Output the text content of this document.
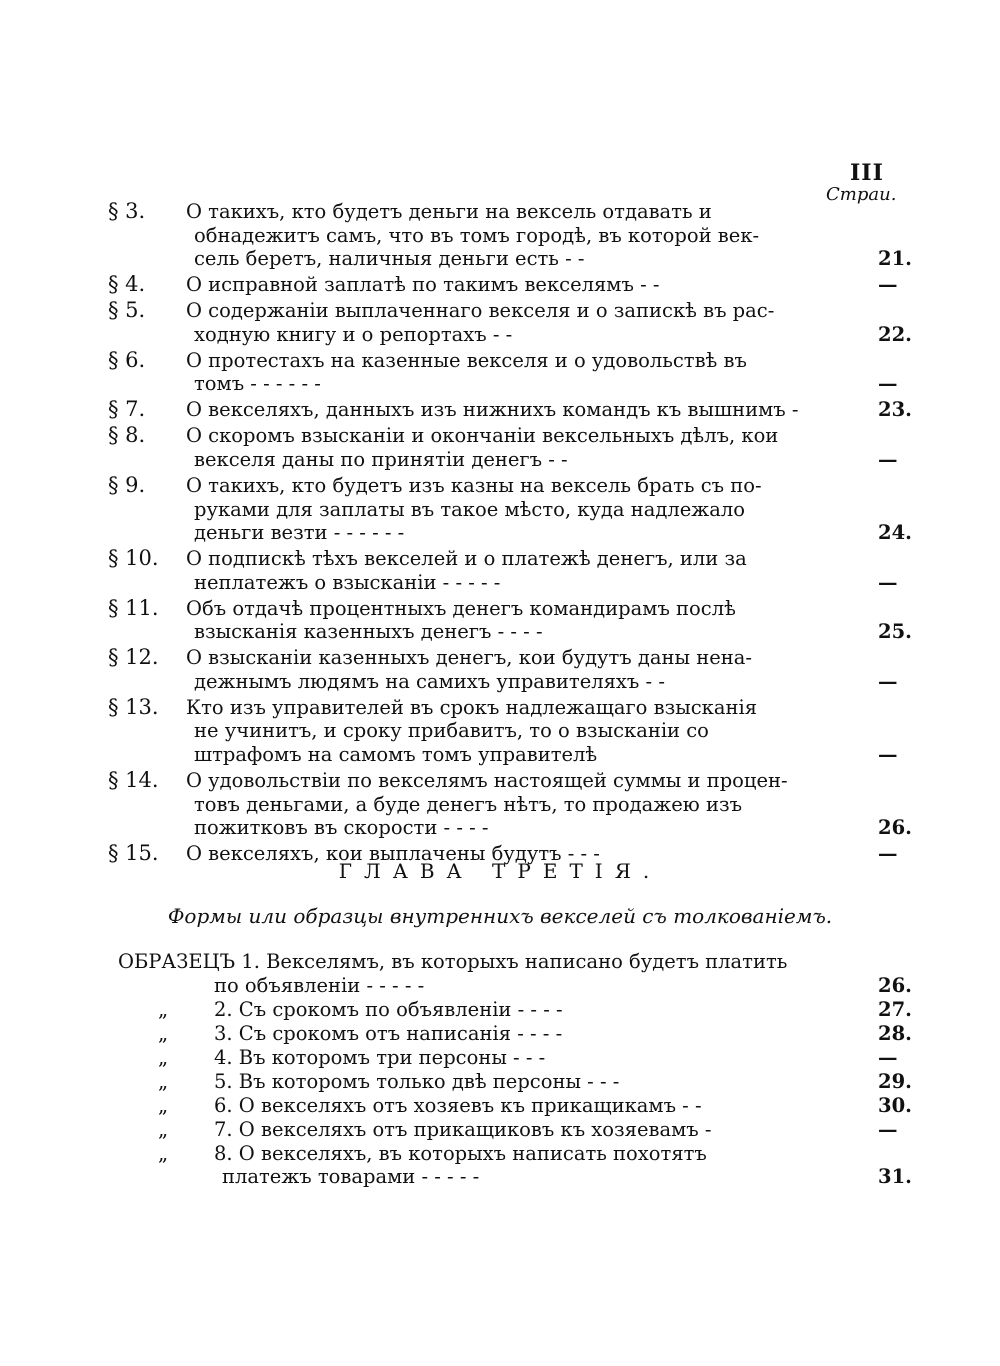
III
Страи.
§ 3. О такихъ, кто будетъ деньги на вексель отдавать и
обнадежитъ самъ, что въ томъ городѣ, въ которой век-
сель беретъ, наличныя деньги есть - -	21.
§ 4. О исправной заплатѣ по такимъ векселямъ - -	—
§ 5. О содержаніи выплаченнаго векселя и о запискѣ въ рас-
ходную книгу и о репортахъ - -	22.
§ 6. О протестахъ на казенные векселя и о удовольствѣ въ
томъ - - - - - -	—
§ 7. О векселяхъ, данныхъ изъ нижнихъ командъ къ вышнимъ -	23.
§ 8. О скоромъ взысканіи и окончаніи вексельныхъ дѣлъ, кои
векселя даны по принятіи денегъ - -	—
§ 9. О такихъ, кто будетъ изъ казны на вексель брать съ по-
руками для заплаты въ такое мѣсто, куда надлежало
деньги везти - - - - - -	24.
§ 10. О подпискѣ тѣхъ векселей и о платежѣ денегъ, или за
неплатежъ о взысканіи - - - - -	—
§ 11. Объ отдачѣ процентныхъ денегъ командирамъ послѣ
взысканія казенныхъ денегъ - - - -	25.
§ 12. О взысканіи казенныхъ денегъ, кои будутъ даны нена-
дежнымъ людямъ на самихъ управителяхъ - -	—
§ 13. Кто изъ управителей въ срокъ надлежащаго взысканія
не учинитъ, и сроку прибавитъ, то о взысканіи со
штрафомъ на самомъ томъ управителѣ	—
§ 14. О удовольствіи по векселямъ настоящей суммы и процен-
товъ деньгами, а буде денегъ нѣтъ, то продажею изъ
пожитковъ въ скорости - - - -	26.
§ 15. О векселяхъ, кои выплачены будутъ - - -	—
ГЛАВА ТРЕТІЯ.
Формы или образцы внутреннихъ векселей съ толкованіемъ.
ОБРАЗЕЦЪ 1. Векселямъ, въ которыхъ написано будетъ платить
по объявленіи - - - - -	26.
„ 2. Съ срокомъ по объявленіи - - - -	27.
„ 3. Съ срокомъ отъ написанія - - - -	28.
„ 4. Въ которомъ три персоны - - -	—
„ 5. Въ которомъ только двѣ персоны - - -	29.
„ 6. О векселяхъ отъ хозяевъ къ прикащикамъ - -	30.
„ 7. О векселяхъ отъ прикащиковъ къ хозяевамъ -	—
„ 8. О векселяхъ, въ которыхъ написать похотятъ
платежъ товарами - - - - -	31.
